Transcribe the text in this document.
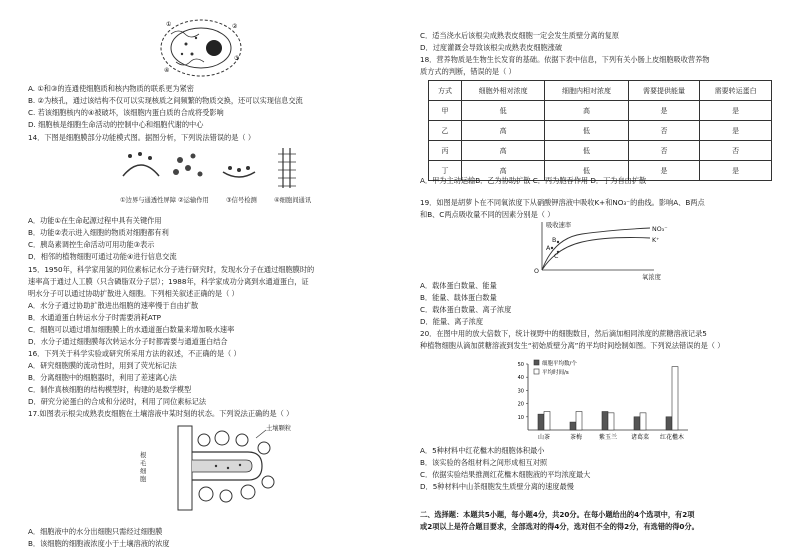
①	②
③
④
A. ①和③的连通使细胞质和核内物质的联系更为紧密
B. ②为核孔，通过该结构不仅可以实现核质之间频繁的物质交换，还可以实现信息交流
C. 若该细胞核内的④被破坏，该细胞内蛋白质的合成将受影响
D. 细胞核是细胞生命活动的控制中心和细胞代谢的中心
14．下图是细胞膜部分功能模式图。据图分析，下列说法错误的是（ ）
①边界与通透性屏障 ②运输作用	③信号检测	④细胞间通讯
A．功能①在生命起源过程中具有关键作用
B．功能②表示进入细胞的物质对细胞都有利
C．胰岛素调控生命活动可用功能③表示
D．相邻的植物细胞可通过功能④进行信息交流
15．1950年，科学家用氢的同位素标记水分子进行研究时，发现水分子在通过细胞膜时的
速率高于通过人工膜（只含磷脂双分子层）；1988年，科学家成功分离到水通道蛋白，证
明水分子可以通过协助扩散进入细胞。下列相关叙述正确的是（ ）
A．水分子通过协助扩散进出细胞的速率慢于自由扩散
B．水通道蛋白转运水分子时需要消耗ATP
C．细胞可以通过增加细胞膜上的水通道蛋白数量来增加吸水速率
D．水分子通过细胞膜每次转运水分子时都需要与通道蛋白结合
16．下列关于科学实验或研究所采用方法的叙述，不正确的是（ ）
A．研究细胞膜的流动性时，用到了荧光标记法
B．分离细胞中的细胞器时，利用了差速离心法
C．制作真核细胞的结构模型时，构建的是数学模型
D．研究分泌蛋白的合成和分泌时，利用了同位素标记法
17.如图表示根尖成熟表皮细胞在土壤溶液中某时刻的状态。下列说法正确的是（ ）
土壤颗粒
根毛细胞
A．细胞液中的水分出细胞只需经过细胞膜
B．该细胞的细胞液浓度小于土壤溶液的浓度
C．适当浇水后该根尖成熟表皮细胞一定会发生质壁分离的复原
D．过度灌溉会导致该根尖成熟表皮细胞涨破
18．营养物质是生物生长发育的基础。依据下表中信息，下列有关小肠上皮细胞吸收营养物
质方式的判断，错误的是（ ）
方式	细胞外相对浓度	细胞内相对浓度	需要提供能量	需要转运蛋白
甲	低	高	是	是
乙	高	低	否	是
丙	高	低	否	否
丁	高	低	是	是
A．甲为主动运输B．乙为协助扩散 C．丙为胞吞作用 D．丁为自由扩散
19．如图是胡萝卜在不同氧浓度下从硝酸钾溶液中吸收K+和NO₃⁻的曲线。影响A、B两点
和B、C两点吸收量不同的因素分别是（ ）
吸收速率
氧浓度
O
A
B
C
NO₃⁻
K⁺
A．载体蛋白数量、能量
B．能量、载体蛋白数量
C．载体蛋白数量、离子浓度
D．能量、离子浓度
20．在图中用的放大倍数下，统计视野中的细胞数目，然后滴加相同浓度的蔗糖溶液记录5
种植物细胞从滴加蔗糖溶液到发生“初始质壁分离”的平均时间绘制如图。下列说法错误的是（ ）
10
20
30
40
50
山茶	茶梅	紫玉兰 诸葛菜 红花檵木
细胞平均数/个
平均时间/s
A．5种材料中红花檵木的细胞体积最小
B．该实验的各组材料之间形成相互对照
C．依据实验结果推测红花檵木细胞液的平均浓度最大
D．5种材料中山茶细胞发生质壁分离的速度最慢
二、选择题：本题共5小题，每小题4分，共20分。在每小题给出的4个选项中，有2项
或2项以上是符合题目要求，全部选对的得4分，选对但不全的得2分，有选错的得0分。
